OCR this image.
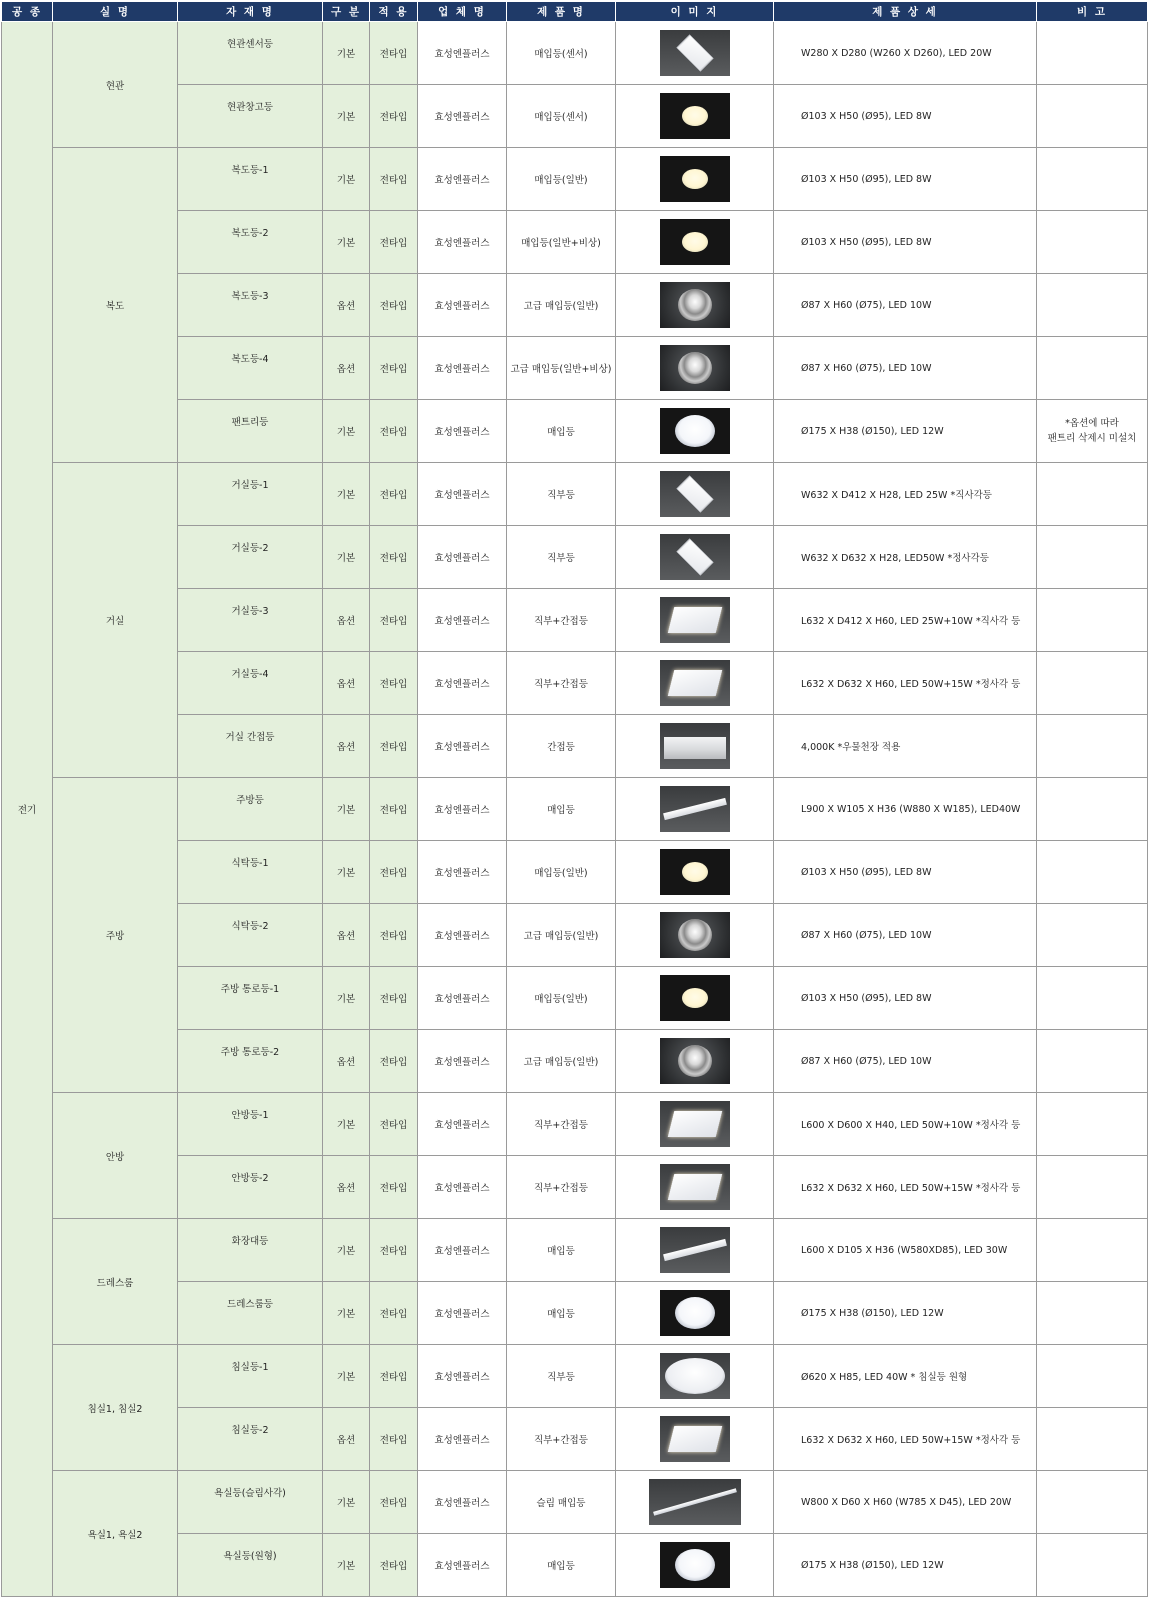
공 종	실 명	자 재 명	구 분	적 용	업 체 명	제 품 명	이 미 지	제 품 상 세	비 고
전기	현관	현관센서등	기본	전타입	효성엔플러스	매입등(센서)		W280 X D280 (W260 X D260), LED 20W	
		현관창고등	기본	전타입	효성엔플러스	매입등(센서)		Ø103 X H50 (Ø95), LED 8W	
	복도	복도등-1	기본	전타입	효성엔플러스	매입등(일반)		Ø103 X H50 (Ø95), LED 8W	
		복도등-2	기본	전타입	효성엔플러스	매입등(일반+비상)		Ø103 X H50 (Ø95), LED 8W	
		복도등-3	옵션	전타입	효성엔플러스	고급 매입등(일반)		Ø87 X H60 (Ø75), LED 10W	
		복도등-4	옵션	전타입	효성엔플러스	고급 매입등(일반+비상)		Ø87 X H60 (Ø75), LED 10W	
		팬트리등	기본	전타입	효성엔플러스	매입등		Ø175 X H38 (Ø150), LED 12W	*옵션에 따라
팬트리 삭제시 미설치
	거실	거실등-1	기본	전타입	효성엔플러스	직부등		W632 X D412 X H28, LED 25W *직사각등	
		거실등-2	기본	전타입	효성엔플러스	직부등		W632 X D632 X H28, LED50W *정사각등	
		거실등-3	옵션	전타입	효성엔플러스	직부+간접등		L632 X D412 X H60, LED 25W+10W *직사각 등	
		거실등-4	옵션	전타입	효성엔플러스	직부+간접등		L632 X D632 X H60, LED 50W+15W *정사각 등	
		거실 간접등	옵션	전타입	효성엔플러스	간접등		4,000K *우물천장 적용	
	주방	주방등	기본	전타입	효성엔플러스	매입등		L900 X W105 X H36 (W880 X W185), LED40W	
		식탁등-1	기본	전타입	효성엔플러스	매입등(일반)		Ø103 X H50 (Ø95), LED 8W	
		식탁등-2	옵션	전타입	효성엔플러스	고급 매입등(일반)		Ø87 X H60 (Ø75), LED 10W	
		주방 통로등-1	기본	전타입	효성엔플러스	매입등(일반)		Ø103 X H50 (Ø95), LED 8W	
		주방 통로등-2	옵션	전타입	효성엔플러스	고급 매입등(일반)		Ø87 X H60 (Ø75), LED 10W	
	안방	안방등-1	기본	전타입	효성엔플러스	직부+간접등		L600 X D600 X H40, LED 50W+10W *정사각 등	
		안방등-2	옵션	전타입	효성엔플러스	직부+간접등		L632 X D632 X H60, LED 50W+15W *정사각 등	
	드레스룸	화장대등	기본	전타입	효성엔플러스	매입등		L600 X D105 X H36 (W580XD85), LED 30W	
		드레스룸등	기본	전타입	효성엔플러스	매입등		Ø175 X H38 (Ø150), LED 12W	
	침실1, 침실2	침실등-1	기본	전타입	효성엔플러스	직부등		Ø620 X H85, LED 40W * 침실등 원형	
		침실등-2	옵션	전타입	효성엔플러스	직부+간접등		L632 X D632 X H60, LED 50W+15W *정사각 등	
	욕실1, 욕실2	욕실등(슬림사각)	기본	전타입	효성엔플러스	슬림 매입등		W800 X D60 X H60 (W785 X D45), LED 20W	
		욕실등(원형)	기본	전타입	효성엔플러스	매입등		Ø175 X H38 (Ø150), LED 12W	
